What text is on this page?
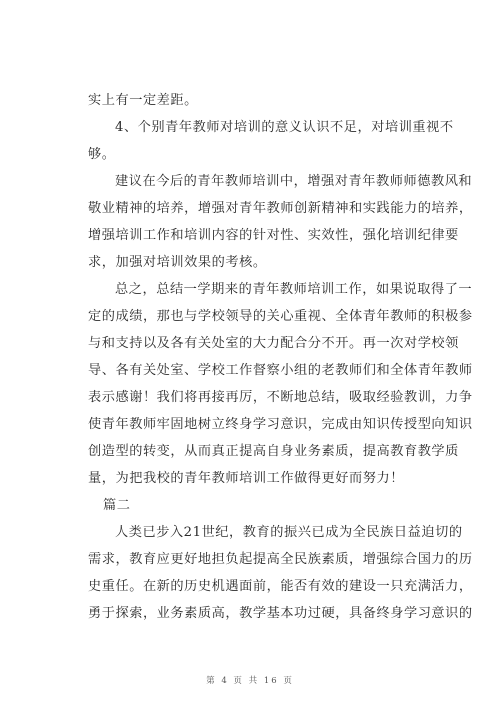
实上有一定差距。
4、个别青年教师对培训的意义认识不足，对培训重视不
够。
建议在今后的青年教师培训中，增强对青年教师师德教风和
敬业精神的培养，增强对青年教师创新精神和实践能力的培养，
增强培训工作和培训内容的针对性、实效性，强化培训纪律要
求，加强对培训效果的考核。
总之，总结一学期来的青年教师培训工作，如果说取得了一
定的成绩，那也与学校领导的关心重视、全体青年教师的积极参
与和支持以及各有关处室的大力配合分不开。再一次对学校领
导、各有关处室、学校工作督察小组的老教师们和全体青年教师
表示感谢！我们将再接再厉，不断地总结，吸取经验教训，力争
使青年教师牢固地树立终身学习意识，完成由知识传授型向知识
创造型的转变，从而真正提高自身业务素质，提高教育教学质
量，为把我校的青年教师培训工作做得更好而努力！
篇二
人类已步入21世纪，教育的振兴已成为全民族日益迫切的
需求，教育应更好地担负起提高全民族素质，增强综合国力的历
史重任。在新的历史机遇面前，能否有效的建设一只充满活力，
勇于探索，业务素质高，教学基本功过硬，具备终身学习意识的
第 4 页 共 16 页
